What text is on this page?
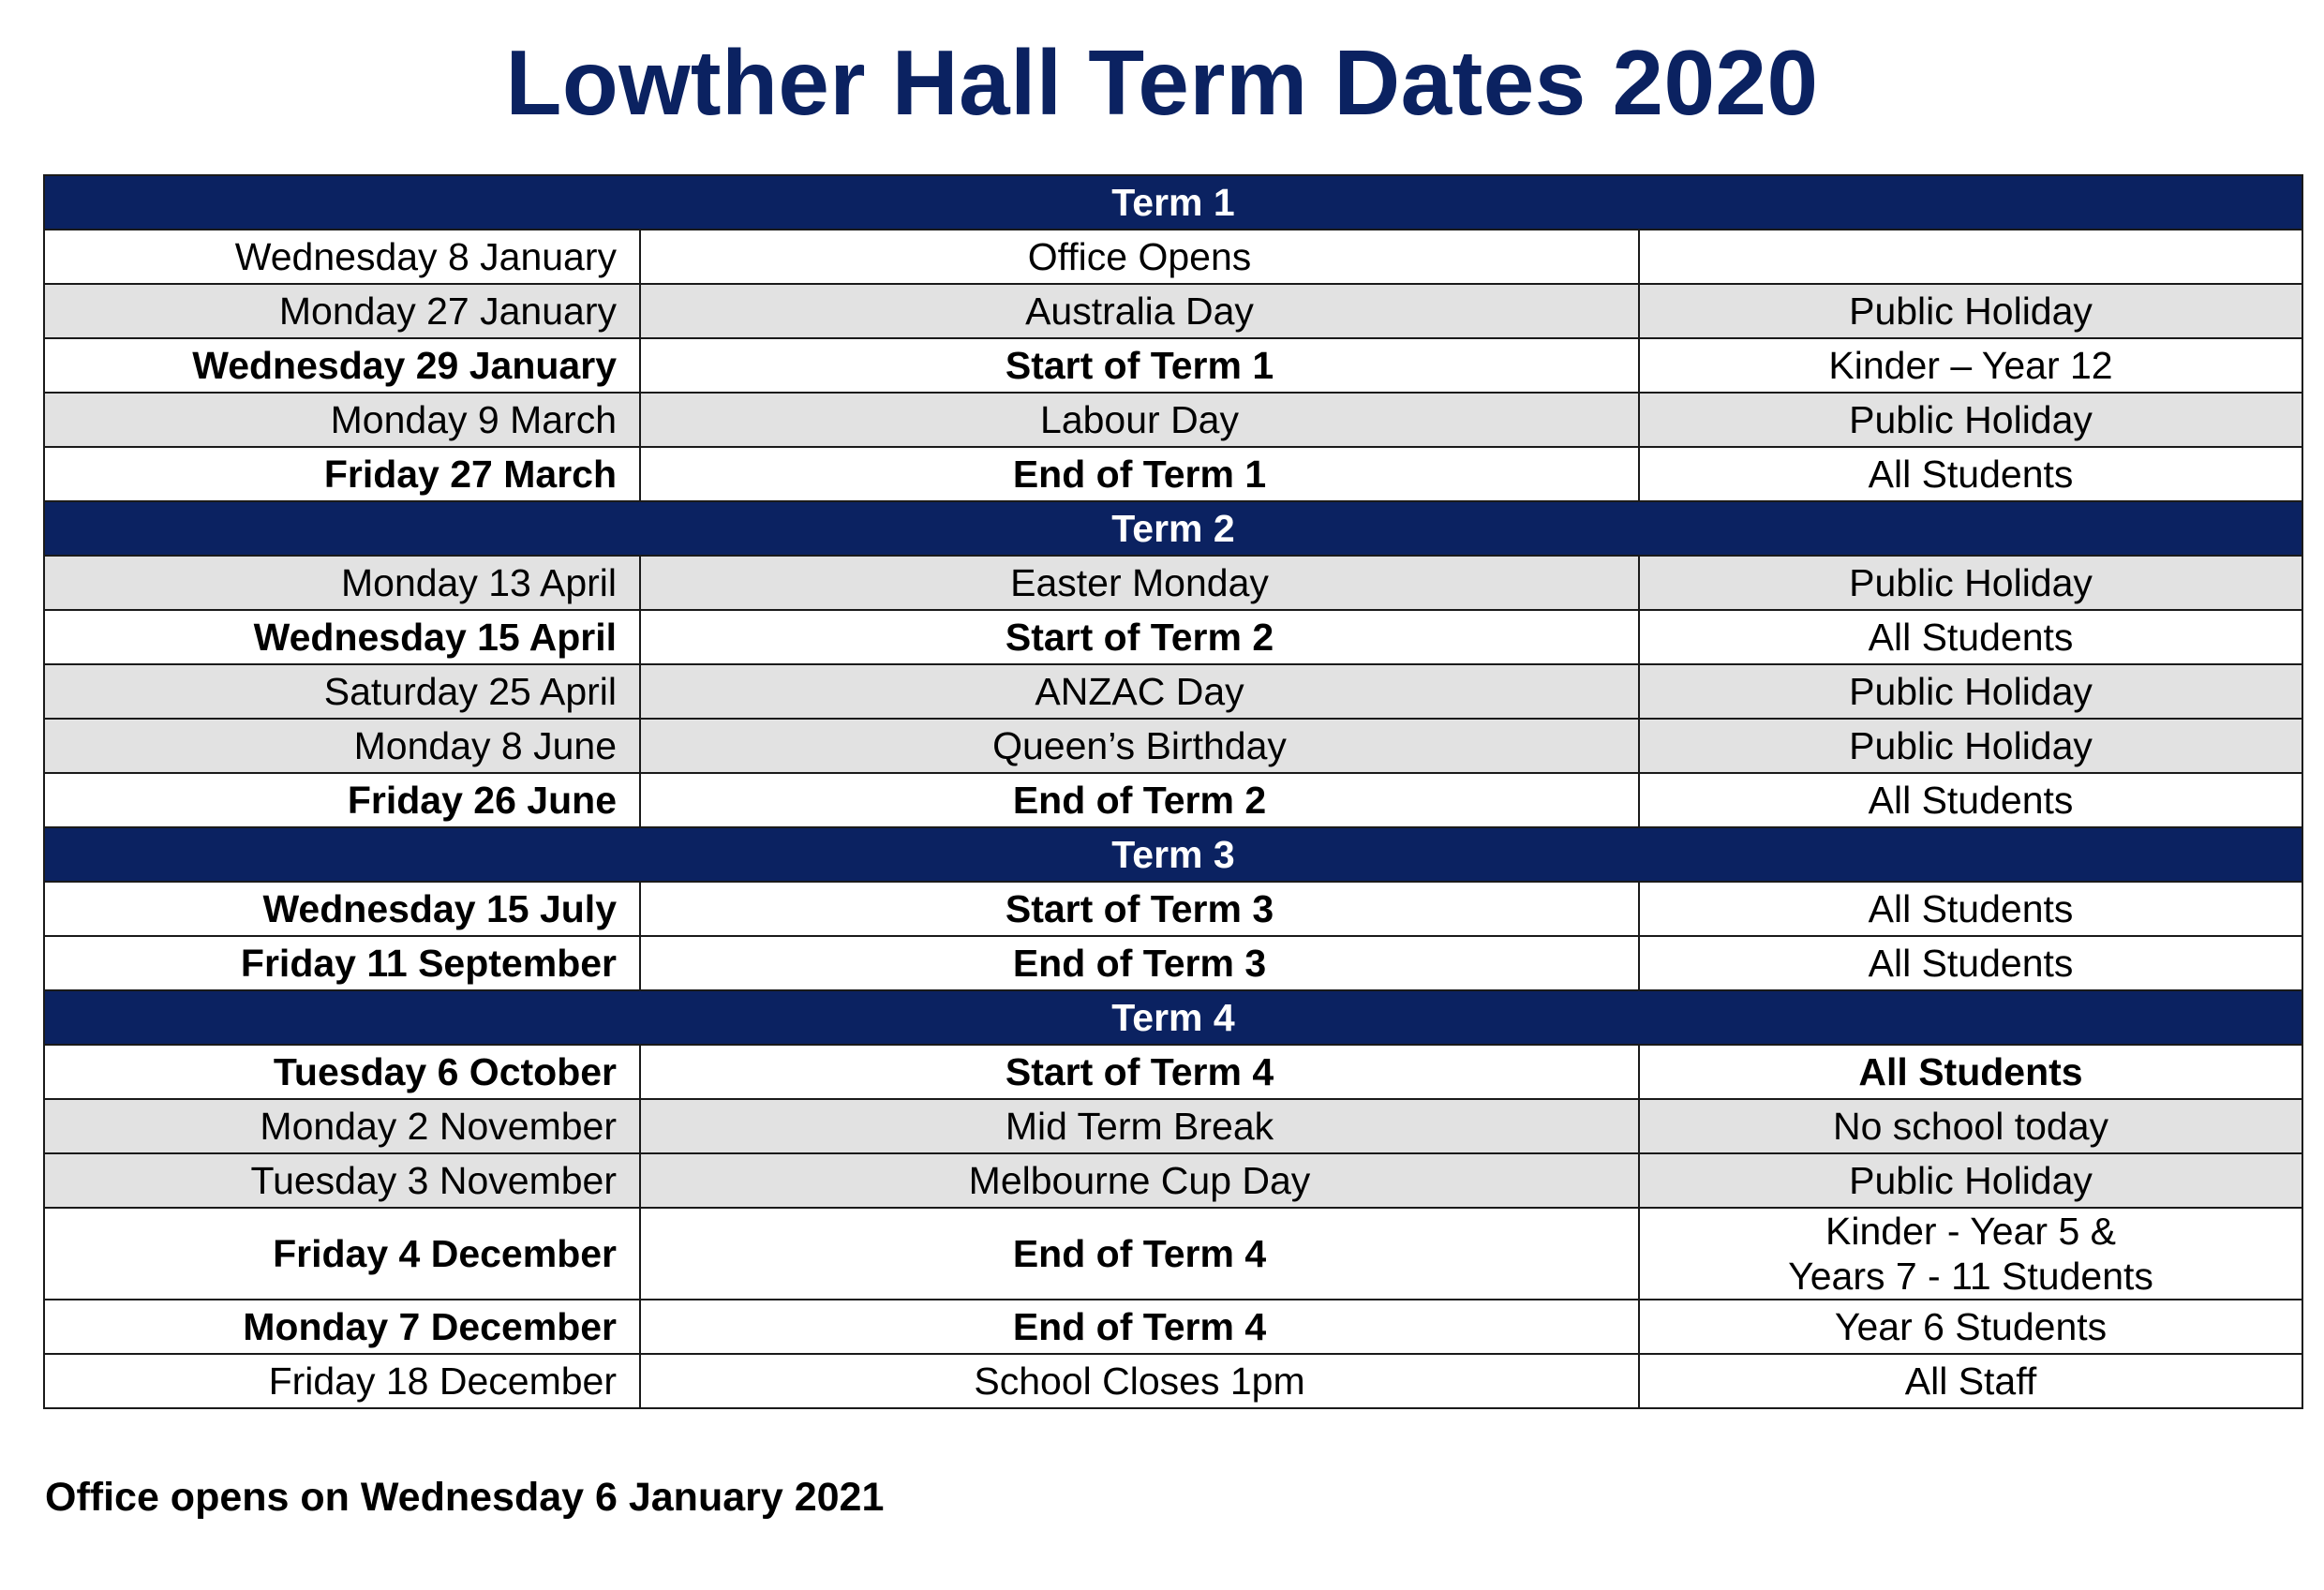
Lowther Hall Term Dates 2020
Term 1		
Wednesday 8 January	Office Opens	
Monday 27 January	Australia Day	Public Holiday
Wednesday 29 January	Start of Term 1	Kinder – Year 12
Monday 9 March	Labour Day	Public Holiday
Friday 27 March	End of Term 1	All Students
Term 2		
Monday 13 April	Easter Monday	Public Holiday
Wednesday 15 April	Start of Term 2	All Students
Saturday 25 April	ANZAC Day	Public Holiday
Monday 8 June	Queen’s Birthday	Public Holiday
Friday 26 June	End of Term 2	All Students
Term 3		
Wednesday 15 July	Start of Term 3	All Students
Friday 11 September	End of Term 3	All Students
Term 4		
Tuesday 6 October	Start of Term 4	All Students
Monday 2 November	Mid Term Break	No school today
Tuesday 3 November	Melbourne Cup Day	Public Holiday
Friday 4 December	End of Term 4	Kinder - Year 5 &
Years 7 - 11 Students

Monday 7 December	End of Term 4	Year 6 Students
Friday 18 December	School Closes 1pm	All Staff
Office opens on Wednesday 6 January 2021
